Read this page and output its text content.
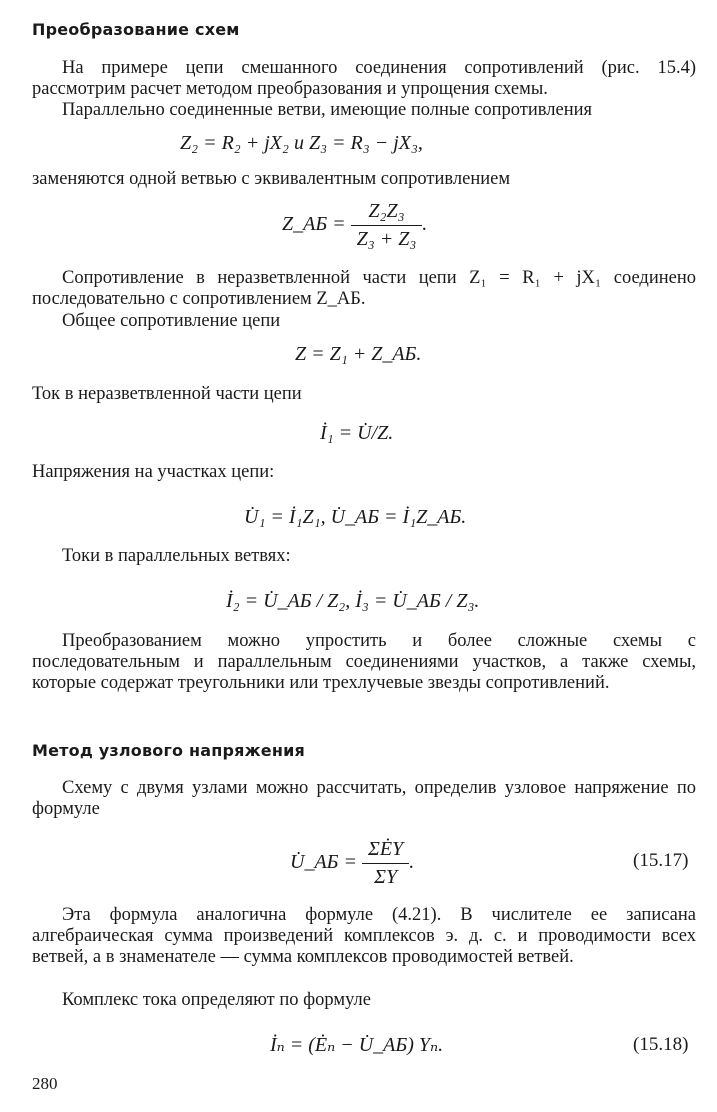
Преобразование схем
На примере цепи смешанного соединения сопротивлений (рис. 15.4) рассмотрим расчет методом преобразования и упрощения схемы.
Параллельно соединенные ветви, имеющие полные сопротивления
Z₂ = R₂ + jX₂ и Z₃ = R₃ − jX₃,
заменяются одной ветвью с эквивалентным сопротивлением
Z_АБ = $\frac{\text{Z₂Z₃}}{\text{Z₃ + Z₃}}$ .
Сопротивление в неразветвленной части цепи Z₁ = R₁ + jX₁ соединено последовательно с сопротивлением Z_АБ.
Общее сопротивление цепи
Z = Z₁ + Z_АБ.
Ток в неразветвленной части цепи
İ₁ = U̇/Z.
Напряжения на участках цепи:
U̇₁ = İ₁Z₁, U̇_АБ = İ₁Z_АБ.
Токи в параллельных ветвях:
İ₂ = U̇_АБ / Z₂, İ₃ = U̇_АБ / Z₃.
Преобразованием можно упростить и более сложные схемы с последовательным и параллельным соединениями участков, а также схемы, которые содержат треугольники или трехлучевые звезды сопротивлений.
Метод узлового напряжения
Схему с двумя узлами можно рассчитать, определив узловое напряжение по формуле
U̇_АБ = $\frac{\text{ΣĖY}}{\Sigma Y}$ .	(15.17)
Эта формула аналогична формуле (4.21). В числителе ее записана алгебраическая сумма произведений комплексов э. д. с. и проводимости всех ветвей, а в знаменателе — сумма комплексов проводимостей ветвей.
Комплекс тока определяют по формуле
İₙ = (Ėₙ − U̇_АБ) Yₙ.	(15.18)
280
